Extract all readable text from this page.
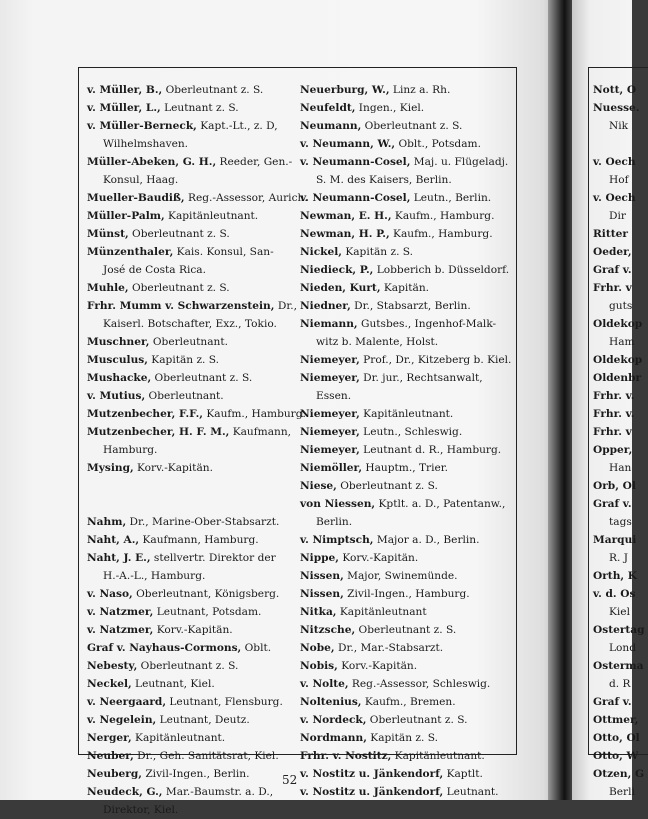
v. Müller, B., Oberleutnant z. S.
v. Müller, L., Leutnant z. S.
v. Müller-Berneck, Kapt.-Lt., z. D,
Wilhelmshaven.
Müller-Abeken, G. H., Reeder, Gen.-
Konsul, Haag.
Mueller-Baudiß, Reg.-Assessor, Aurich.
Müller-Palm, Kapitänleutnant.
Münst, Oberleutnant z. S.
Münzenthaler, Kais. Konsul, San-
José de Costa Rica.
Muhle, Oberleutnant z. S.
Frhr. Mumm v. Schwarzenstein, Dr.,
Kaiserl. Botschafter, Exz., Tokio.
Muschner, Oberleutnant.
Musculus, Kapitän z. S.
Mushacke, Oberleutnant z. S.
v. Mutius, Oberleutnant.
Mutzenbecher, F.F., Kaufm., Hamburg.
Mutzenbecher, H. F. M., Kaufmann,
Hamburg.
Mysing, Korv.-Kapitän.
Nahm, Dr., Marine-Ober-Stabsarzt.
Naht, A., Kaufmann, Hamburg.
Naht, J. E., stellvertr. Direktor der
H.-A.-L., Hamburg.
v. Naso, Oberleutnant, Königsberg.
v. Natzmer, Leutnant, Potsdam.
v. Natzmer, Korv.-Kapitän.
Graf v. Nayhaus-Cormons, Oblt.
Nebesty, Oberleutnant z. S.
Neckel, Leutnant, Kiel.
v. Neergaard, Leutnant, Flensburg.
v. Negelein, Leutnant, Deutz.
Nerger, Kapitänleutnant.
Neuber, Dr., Geh. Sanitätsrat, Kiel.
Neuberg, Zivil-Ingen., Berlin.
Neudeck, G., Mar.-Baumstr. a. D.,
Direktor, Kiel.
Neuerburg, W., Linz a. Rh.
Neufeldt, Ingen., Kiel.
Neumann, Oberleutnant z. S.
v. Neumann, W., Oblt., Potsdam.
v. Neumann-Cosel, Maj. u. Flügeladj.
S. M. des Kaisers, Berlin.
v. Neumann-Cosel, Leutn., Berlin.
Newman, E. H., Kaufm., Hamburg.
Newman, H. P., Kaufm., Hamburg.
Nickel, Kapitän z. S.
Niedieck, P., Lobberich b. Düsseldorf.
Nieden, Kurt, Kapitän.
Niedner, Dr., Stabsarzt, Berlin.
Niemann, Gutsbes., Ingenhof-Malk-
witz b. Malente, Holst.
Niemeyer, Prof., Dr., Kitzeberg b. Kiel.
Niemeyer, Dr. jur., Rechtsanwalt,
Essen.
Niemeyer, Kapitänleutnant.
Niemeyer, Leutn., Schleswig.
Niemeyer, Leutnant d. R., Hamburg.
Niemöller, Hauptm., Trier.
Niese, Oberleutnant z. S.
von Niessen, Kptlt. a. D., Patentanw.,
Berlin.
v. Nimptsch, Major a. D., Berlin.
Nippe, Korv.-Kapitän.
Nissen, Major, Swinemünde.
Nissen, Zivil-Ingen., Hamburg.
Nitka, Kapitänleutnant
Nitzsche, Oberleutnant z. S.
Nobe, Dr., Mar.-Stabsarzt.
Nobis, Korv.-Kapitän.
v. Nolte, Reg.-Assessor, Schleswig.
Noltenius, Kaufm., Bremen.
v. Nordeck, Oberleutnant z. S.
Nordmann, Kapitän z. S.
Frhr. v. Nostitz, Kapitänleutnant.
v. Nostitz u. Jänkendorf, Kaptlt.
v. Nostitz u. Jänkendorf, Leutnant.
Nott, O
Nuesse.
Nik
v. Oech
Hof
v. Oech
Dir
Ritter
Oeder,
Graf v.
Frhr. v
guts
Oldekop
Ham
Oldekop
Oldenbr
Frhr. v.
Frhr. v.
Frhr. v
Opper,
Han
Orb, Ol
Graf v.
tags
Marqui
R. J
Orth, K
v. d. Os
Kiel
Ostertag
Lond
Osterma
d. R
Graf v.
Ottmer,
Otto, Ol
Otto, W
Otzen, G
Berli
52
